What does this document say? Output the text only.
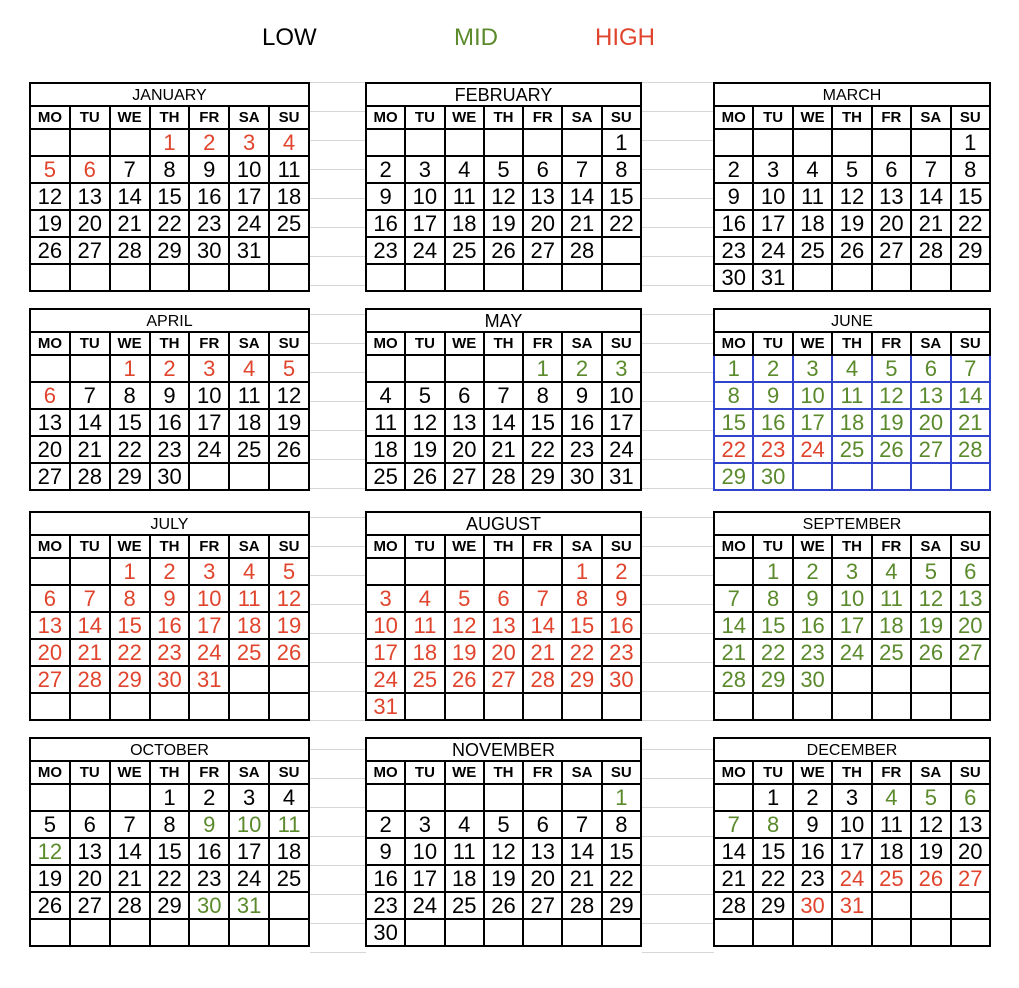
LOW	MID	HIGH
JANUARY						
MO	TU	WE	TH	FR	SA	SU
			1	2	3	4
5	6	7	8	9	10	11
12	13	14	15	16	17	18
19	20	21	22	23	24	25
26	27	28	29	30	31	

FEBRUARY						
MO	TU	WE	TH	FR	SA	SU
						1
2	3	4	5	6	7	8
9	10	11	12	13	14	15
16	17	18	19	20	21	22
23	24	25	26	27	28	

MARCH						
MO	TU	WE	TH	FR	SA	SU
						1
2	3	4	5	6	7	8
9	10	11	12	13	14	15
16	17	18	19	20	21	22
23	24	25	26	27	28	29
30	31					
APRIL						
MO	TU	WE	TH	FR	SA	SU
		1	2	3	4	5
6	7	8	9	10	11	12
13	14	15	16	17	18	19
20	21	22	23	24	25	26
27	28	29	30			
MAY						
MO	TU	WE	TH	FR	SA	SU
				1	2	3
4	5	6	7	8	9	10
11	12	13	14	15	16	17
18	19	20	21	22	23	24
25	26	27	28	29	30	31
JUNE						
MO	TU	WE	TH	FR	SA	SU
1	2	3	4	5	6	7
8	9	10	11	12	13	14
15	16	17	18	19	20	21
22	23	24	25	26	27	28
29	30					
JULY						
MO	TU	WE	TH	FR	SA	SU
		1	2	3	4	5
6	7	8	9	10	11	12
13	14	15	16	17	18	19
20	21	22	23	24	25	26
27	28	29	30	31		

AUGUST						
MO	TU	WE	TH	FR	SA	SU
					1	2
3	4	5	6	7	8	9
10	11	12	13	14	15	16
17	18	19	20	21	22	23
24	25	26	27	28	29	30
31						
SEPTEMBER						
MO	TU	WE	TH	FR	SA	SU
	1	2	3	4	5	6
7	8	9	10	11	12	13
14	15	16	17	18	19	20
21	22	23	24	25	26	27
28	29	30				

OCTOBER						
MO	TU	WE	TH	FR	SA	SU
			1	2	3	4
5	6	7	8	9	10	11
12	13	14	15	16	17	18
19	20	21	22	23	24	25
26	27	28	29	30	31	

NOVEMBER						
MO	TU	WE	TH	FR	SA	SU
						1
2	3	4	5	6	7	8
9	10	11	12	13	14	15
16	17	18	19	20	21	22
23	24	25	26	27	28	29
30						
DECEMBER						
MO	TU	WE	TH	FR	SA	SU
	1	2	3	4	5	6
7	8	9	10	11	12	13
14	15	16	17	18	19	20
21	22	23	24	25	26	27
28	29	30	31			
